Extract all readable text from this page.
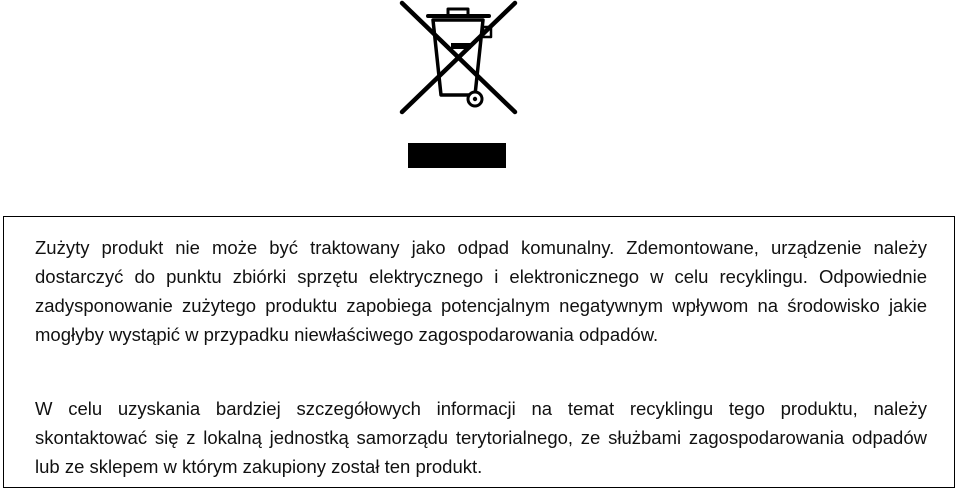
Zużyty produkt nie może być traktowany jako odpad komunalny. Zdemontowane, urządzenie należy dostarczyć do punktu zbiórki sprzętu elektrycznego i elektronicznego w celu recyklingu. Odpowiednie zadysponowanie zużytego produktu zapobiega potencjalnym negatywnym wpływom na środowisko jakie mogłyby wystąpić w przypadku niewłaściwego zagospodarowania odpadów.

W celu uzyskania bardziej szczegółowych informacji na temat recyklingu tego produktu, należy skontaktować się z lokalną jednostką samorządu terytorialnego, ze służbami zagospodarowania odpadów lub ze sklepem w którym zakupiony został ten produkt.
